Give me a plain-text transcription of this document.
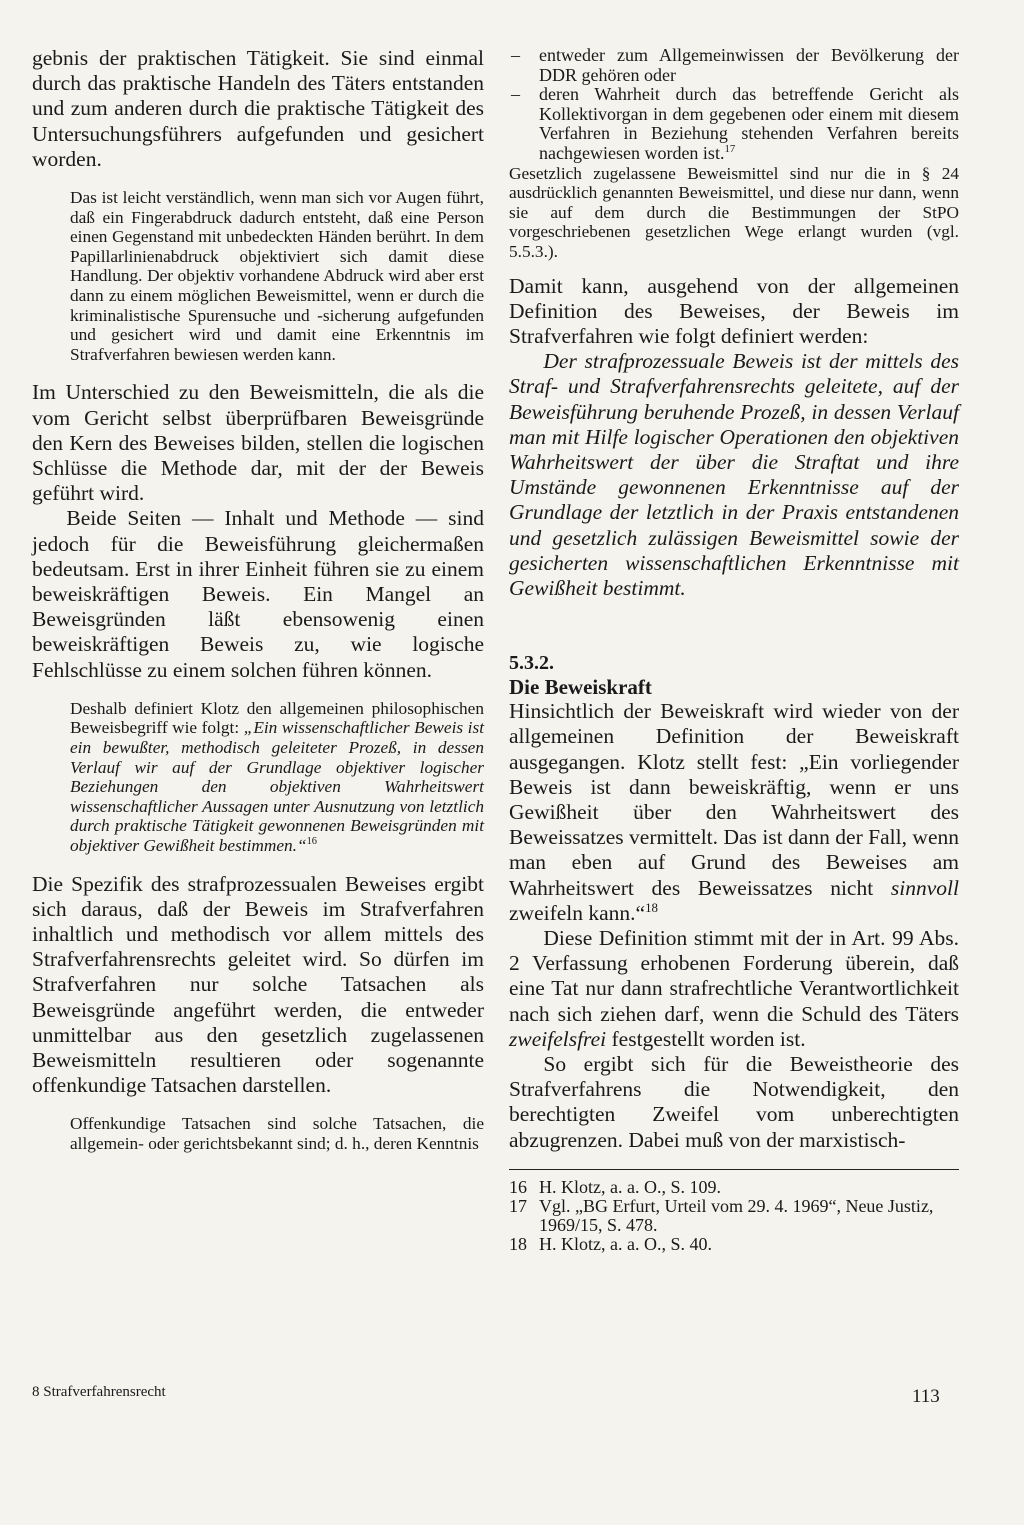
gebnis der praktischen Tätigkeit. Sie sind einmal durch das praktische Handeln des Täters entstanden und zum anderen durch die praktische Tätigkeit des Untersuchungsführers aufgefunden und gesichert worden.

Das ist leicht verständlich, wenn man sich vor Augen führt, daß ein Fingerabdruck dadurch entsteht, daß eine Person einen Gegenstand mit unbedeckten Händen berührt. In dem Papillarlinienabdruck objektiviert sich damit diese Handlung. Der objektiv vorhandene Abdruck wird aber erst dann zu einem möglichen Beweismittel, wenn er durch die kriminalistische Spurensuche und -sicherung aufgefunden und gesichert wird und damit eine Erkenntnis im Strafverfahren bewiesen werden kann.

Im Unterschied zu den Beweismitteln, die als die vom Gericht selbst überprüfbaren Beweisgründe den Kern des Beweises bilden, stellen die logischen Schlüsse die Methode dar, mit der der Beweis geführt wird.

Beide Seiten — Inhalt und Methode — sind jedoch für die Beweisführung gleichermaßen bedeutsam. Erst in ihrer Einheit führen sie zu einem beweiskräftigen Beweis. Ein Mangel an Beweisgründen läßt ebensowenig einen beweiskräftigen Beweis zu, wie logische Fehlschlüsse zu einem solchen führen können.

Deshalb definiert Klotz den allgemeinen philosophischen Beweisbegriff wie folgt: „Ein wissenschaftlicher Beweis ist ein bewußter, methodisch geleiteter Prozeß, in dessen Verlauf wir auf der Grundlage objektiver logischer Beziehungen den objektiven Wahrheitswert wissenschaftlicher Aussagen unter Ausnutzung von letztlich durch praktische Tätigkeit gewonnenen Beweisgründen mit objektiver Gewißheit bestimmen.“$^{16}$

Die Spezifik des strafprozessualen Beweises ergibt sich daraus, daß der Beweis im Strafverfahren inhaltlich und methodisch vor allem mittels des Strafverfahrensrechts geleitet wird. So dürfen im Strafverfahren nur solche Tatsachen als Beweisgründe angeführt werden, die entweder unmittelbar aus den gesetzlich zugelassenen Beweismitteln resultieren oder sogenannte offenkundige Tatsachen darstellen.

Offenkundige Tatsachen sind solche Tatsachen, die allgemein- oder gerichtsbekannt sind; d. h., deren Kenntnis

– entweder zum Allgemeinwissen der Bevölkerung der DDR gehören oder
– deren Wahrheit durch das betreffende Gericht als Kollektivorgan in dem gegebenen oder einem mit diesem Verfahren in Beziehung stehenden Verfahren bereits nachgewiesen worden ist.$^{17}$

Gesetzlich zugelassene Beweismittel sind nur die in § 24 ausdrücklich genannten Beweismittel, und diese nur dann, wenn sie auf dem durch die Bestimmungen der StPO vorgeschriebenen gesetzlichen Wege erlangt wurden (vgl. 5.5.3.).

Damit kann, ausgehend von der allgemeinen Definition des Beweises, der Beweis im Strafverfahren wie folgt definiert werden:

Der strafprozessuale Beweis ist der mittels des Straf- und Strafverfahrensrechts geleitete, auf der Beweisführung beruhende Prozeß, in dessen Verlauf man mit Hilfe logischer Operationen den objektiven Wahrheitswert der über die Straftat und ihre Umstände gewonnenen Erkenntnisse auf der Grundlage der letztlich in der Praxis entstandenen und gesetzlich zulässigen Beweismittel sowie der gesicherten wissenschaftlichen Erkenntnisse mit Gewißheit bestimmt.

5.3.2.

Die Beweiskraft

Hinsichtlich der Beweiskraft wird wieder von der allgemeinen Definition der Beweiskraft ausgegangen. Klotz stellt fest: „Ein vorliegender Beweis ist dann beweiskräftig, wenn er uns Gewißheit über den Wahrheitswert des Beweissatzes vermittelt. Das ist dann der Fall, wenn man eben auf Grund des Beweises am Wahrheitswert des Beweissatzes nicht sinnvoll zweifeln kann.“$^{18}$

Diese Definition stimmt mit der in Art. 99 Abs. 2 Verfassung erhobenen Forderung überein, daß eine Tat nur dann strafrechtliche Verantwortlichkeit nach sich ziehen darf, wenn die Schuld des Täters zweifelsfrei festgestellt worden ist.

So ergibt sich für die Beweistheorie des Strafverfahrens die Notwendigkeit, den berechtigten Zweifel vom unberechtigten abzugrenzen. Dabei muß von der marxistisch-

16 H. Klotz, a. a. O., S. 109.
17 Vgl. „BG Erfurt, Urteil vom 29. 4. 1969“, Neue Justiz, 1969/15, S. 478.
18 H. Klotz, a. a. O., S. 40.
8 Strafverfahrensrecht	113
